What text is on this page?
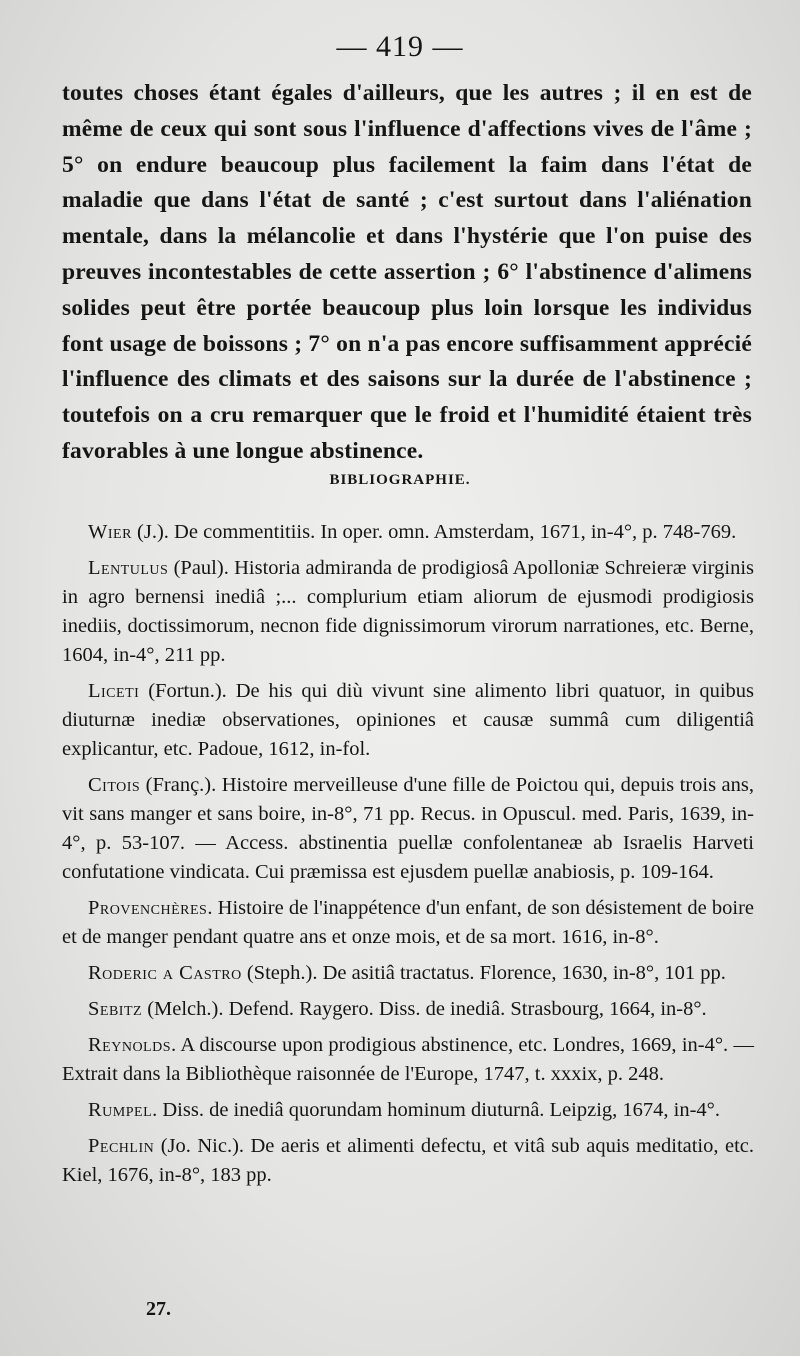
— 419 —
toutes choses étant égales d'ailleurs, que les autres ; il en est de même de ceux qui sont sous l'influence d'affections vives de l'âme ; 5° on endure beaucoup plus facilement la faim dans l'état de maladie que dans l'état de santé ; c'est surtout dans l'aliénation mentale, dans la mélancolie et dans l'hystérie que l'on puise des preuves incontestables de cette assertion ; 6° l'abstinence d'alimens solides peut être portée beaucoup plus loin lorsque les individus font usage de boissons ; 7° on n'a pas encore suffisamment apprécié l'influence des climats et des saisons sur la durée de l'abstinence ; toutefois on a cru remarquer que le froid et l'humidité étaient très favorables à une longue abstinence.
BIBLIOGRAPHIE.

Wier (J.). De commentitiis. In oper. omn. Amsterdam, 1671, in-4°, p. 748-769.

Lentulus (Paul). Historia admiranda de prodigiosâ Apolloniæ Schreieræ virginis in agro bernensi inediâ ;... complurium etiam aliorum de ejusmodi prodigiosis inediis, doctissimorum, necnon fide dignissimorum virorum narrationes, etc. Berne, 1604, in-4°, 211 pp.

Liceti (Fortun.). De his qui diù vivunt sine alimento libri quatuor, in quibus diuturnæ inediæ observationes, opiniones et causæ summâ cum diligentiâ explicantur, etc. Padoue, 1612, in-fol.

Citois (Franç.). Histoire merveilleuse d'une fille de Poictou qui, depuis trois ans, vit sans manger et sans boire, in-8°, 71 pp. Recus. in Opuscul. med. Paris, 1639, in-4°, p. 53-107. — Access. abstinentia puellæ confolentaneæ ab Israelis Harveti confutatione vindicata. Cui præmissa est ejusdem puellæ anabiosis, p. 109-164.

Provenchères. Histoire de l'inappétence d'un enfant, de son désistement de boire et de manger pendant quatre ans et onze mois, et de sa mort. 1616, in-8°.

Roderic a Castro (Steph.). De asitiâ tractatus. Florence, 1630, in-8°, 101 pp.

Sebitz (Melch.). Defend. Raygero. Diss. de inediâ. Strasbourg, 1664, in-8°.

Reynolds. A discourse upon prodigious abstinence, etc. Londres, 1669, in-4°. — Extrait dans la Bibliothèque raisonnée de l'Europe, 1747, t. xxxix, p. 248.

Rumpel. Diss. de inediâ quorundam hominum diuturnâ. Leipzig, 1674, in-4°.

Pechlin (Jo. Nic.). De aeris et alimenti defectu, et vitâ sub aquis meditatio, etc. Kiel, 1676, in-8°, 183 pp.

27.
